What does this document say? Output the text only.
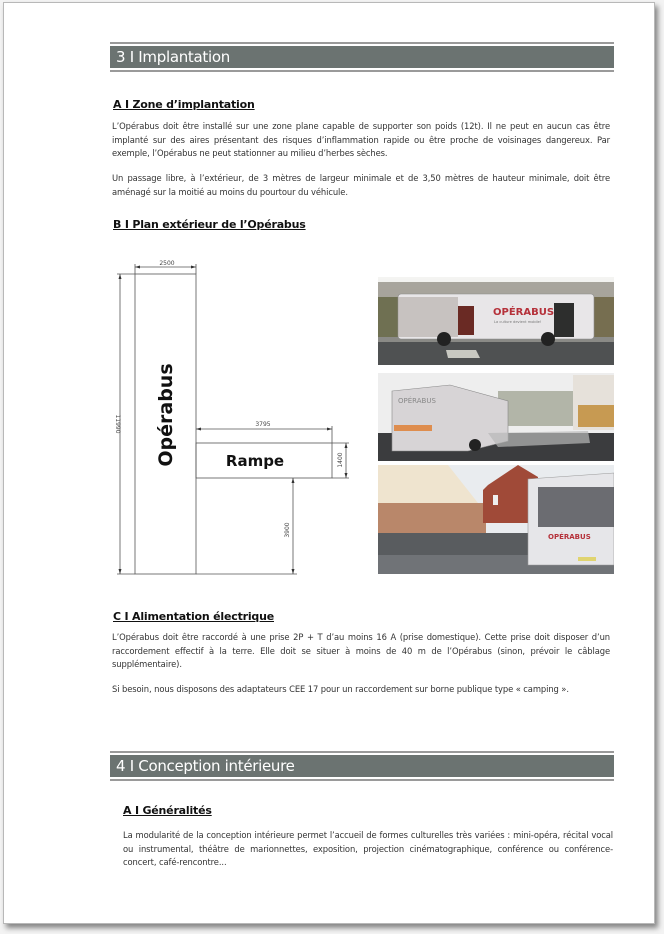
3 I Implantation
A I Zone d’implantation
L’Opérabus doit être installé sur une zone plane capable de supporter son poids (12t). Il ne peut en aucun cas être implanté sur des aires présentant des risques d’inflammation rapide ou être proche de voisinages dangereux. Par exemple, l’Opérabus ne peut stationner au milieu d’herbes sèches.
Un passage libre, à l’extérieur, de 3 mètres de largeur minimale et de 3,50 mètres de hauteur minimale, doit être aménagé sur la moitié au moins du pourtour du véhicule.
B I Plan extérieur de l’Opérabus
2500
11990	3795
1400
3900
Opérabus	Rampe
OPÉRABUS
La culture devient mobile!
OPÉRABUS
OPÉRABUS
C I Alimentation électrique
L’Opérabus doit être raccordé à une prise 2P + T d’au moins 16 A (prise domestique). Cette prise doit disposer d’un raccordement effectif à la terre. Elle doit se situer à moins de 40 m de l’Opérabus (sinon, prévoir le câblage supplémentaire).
Si besoin, nous disposons des adaptateurs CEE 17 pour un raccordement sur borne publique type « camping ».
4 I Conception intérieure
A I Généralités
La modularité de la conception intérieure permet l’accueil de formes culturelles très variées : mini-opéra, récital vocal ou instrumental, théâtre de marionnettes, exposition, projection cinématographique, conférence ou conférence-concert, café-rencontre...
